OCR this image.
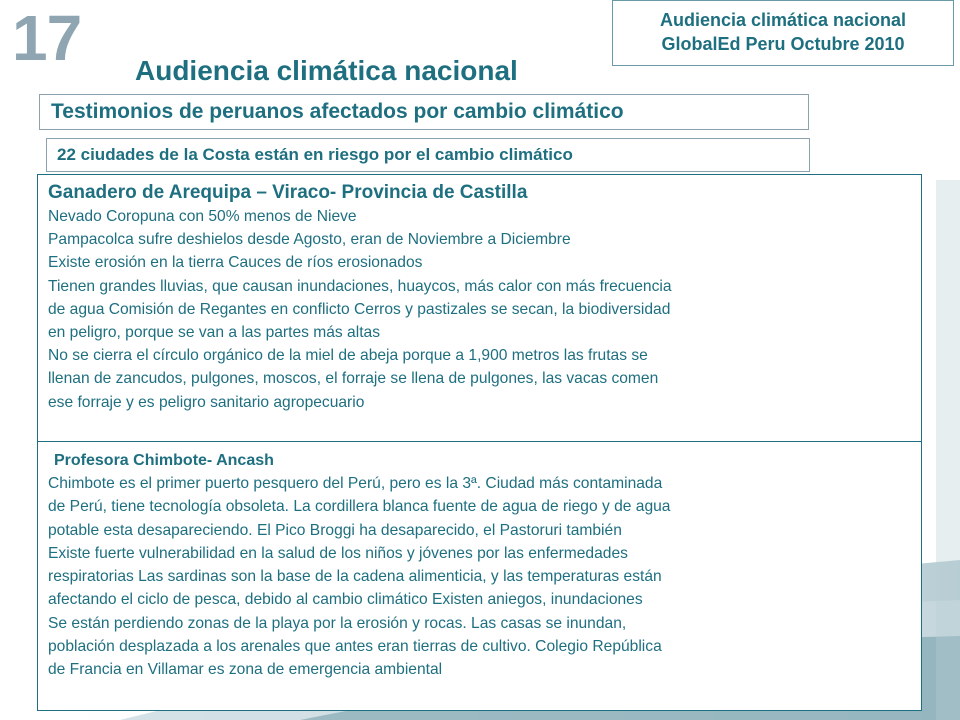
17	Audiencia climática nacional
GlobalEd Peru Octubre 2010
Audiencia climática nacional
Testimonios de peruanos afectados por cambio climático
22 ciudades de la Costa están en riesgo por el cambio climático
Ganadero de Arequipa – Viraco- Provincia de Castilla

Nevado Coropuna con 50% menos de Nieve

Pampacolca sufre deshielos desde Agosto, eran de Noviembre a Diciembre

Existe erosión en la tierra Cauces de ríos erosionados

Tienen grandes lluvias, que causan inundaciones, huaycos, más calor con más frecuencia

de agua Comisión de Regantes en conflicto Cerros y pastizales se secan, la biodiversidad

en peligro, porque se van a las partes más altas

No se cierra el círculo orgánico de la miel de abeja porque a 1,900 metros las frutas se

llenan de zancudos, pulgones, moscos, el forraje se llena de pulgones, las vacas comen

ese forraje y es peligro sanitario agropecuario

Profesora Chimbote- Ancash

Chimbote es el primer puerto pesquero del Perú, pero es la 3ª. Ciudad más contaminada

de Perú, tiene tecnología obsoleta. La cordillera blanca fuente de agua de riego y de agua

potable esta desapareciendo. El Pico Broggi ha desaparecido, el Pastoruri también

Existe fuerte vulnerabilidad en la salud de los niños y jóvenes por las enfermedades

respiratorias Las sardinas son la base de la cadena alimenticia, y las temperaturas están

afectando el ciclo de pesca, debido al cambio climático Existen aniegos, inundaciones

Se están perdiendo zonas de la playa por la erosión y rocas. Las casas se inundan,

población desplazada a los arenales que antes eran tierras de cultivo. Colegio República

de Francia en Villamar es zona de emergencia ambiental
